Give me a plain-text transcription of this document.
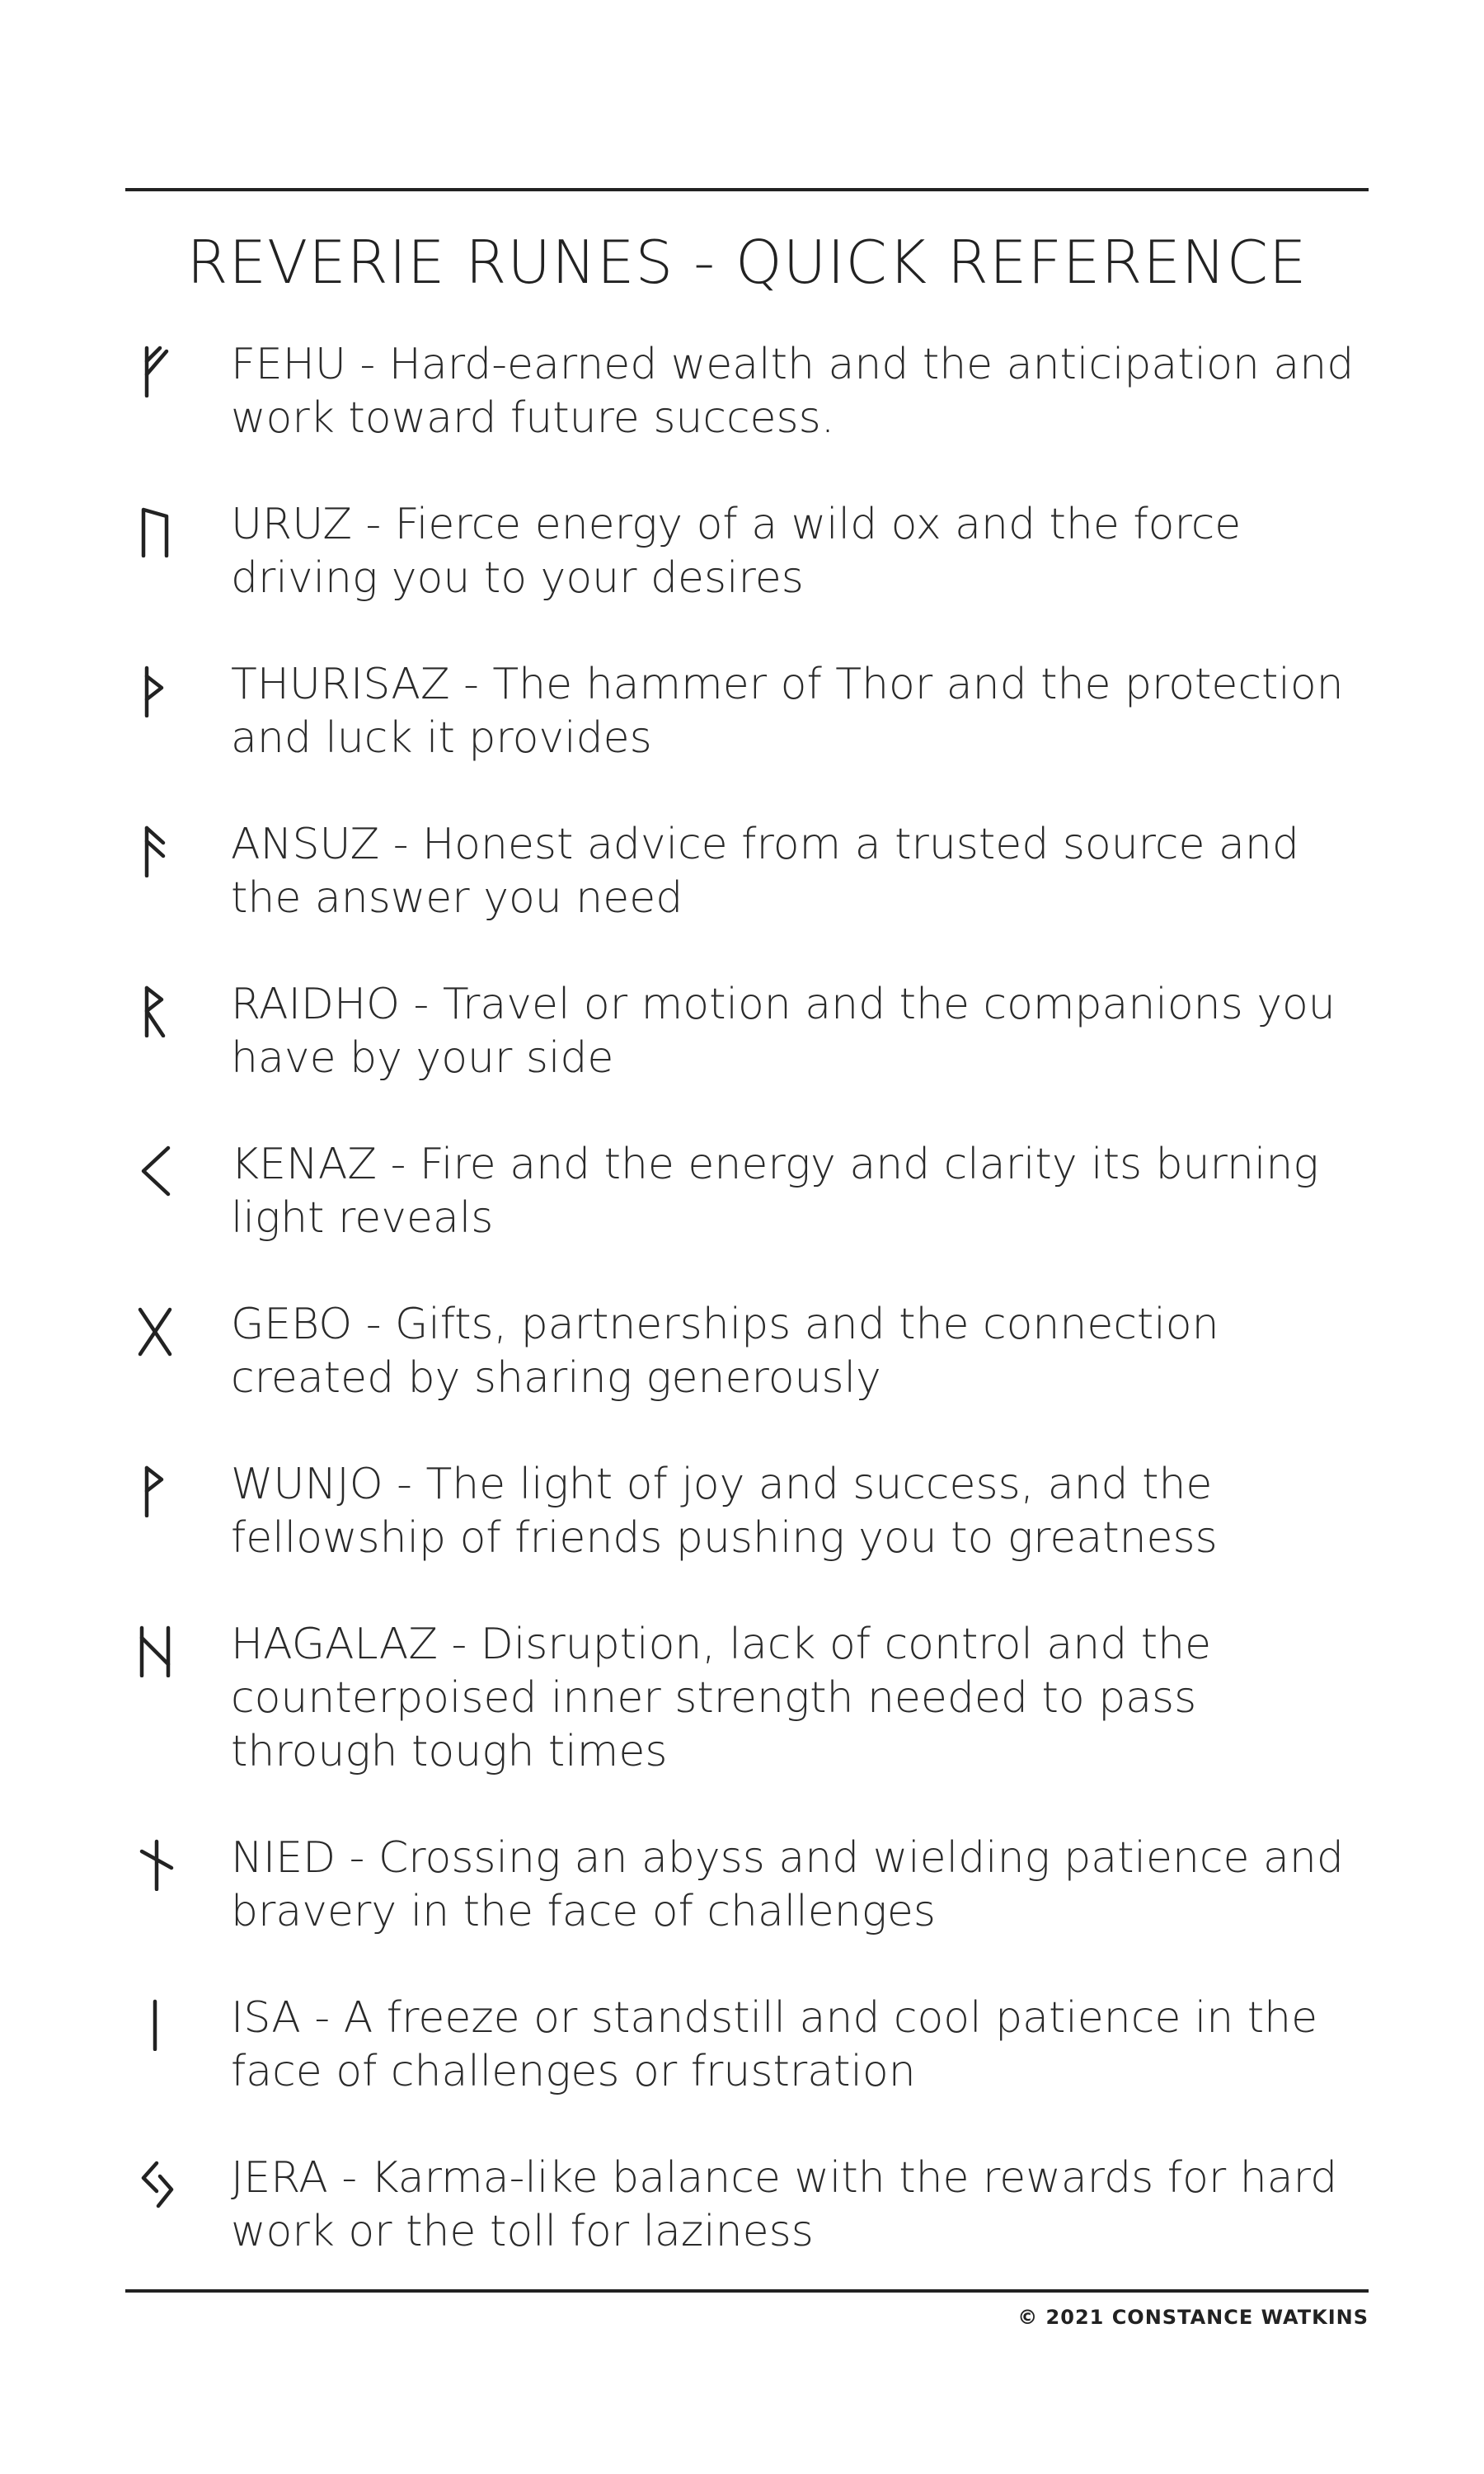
REVERIE RUNES - QUICK REFERENCE
FEHU - Hard-earned wealth and the anticipation and work toward future success.
URUZ - Fierce energy of a wild ox and the force driving you to your desires
THURISAZ - The hammer of Thor and the protection and luck it provides
ANSUZ - Honest advice from a trusted source and the answer you need
RAIDHO - Travel or motion and the companions you have by your side
KENAZ - Fire and the energy and clarity its burning light reveals
GEBO - Gifts, partnerships and the connection created by sharing generously
WUNJO - The light of joy and success, and the fellowship of friends pushing you to greatness
HAGALAZ - Disruption, lack of control and the counterpoised inner strength needed to pass through tough times
NIED - Crossing an abyss and wielding patience and bravery in the face of challenges
ISA - A freeze or standstill and cool patience in the face of challenges or frustration
JERA - Karma-like balance with the rewards for hard work or the toll for laziness
© 2021 CONSTANCE WATKINS
